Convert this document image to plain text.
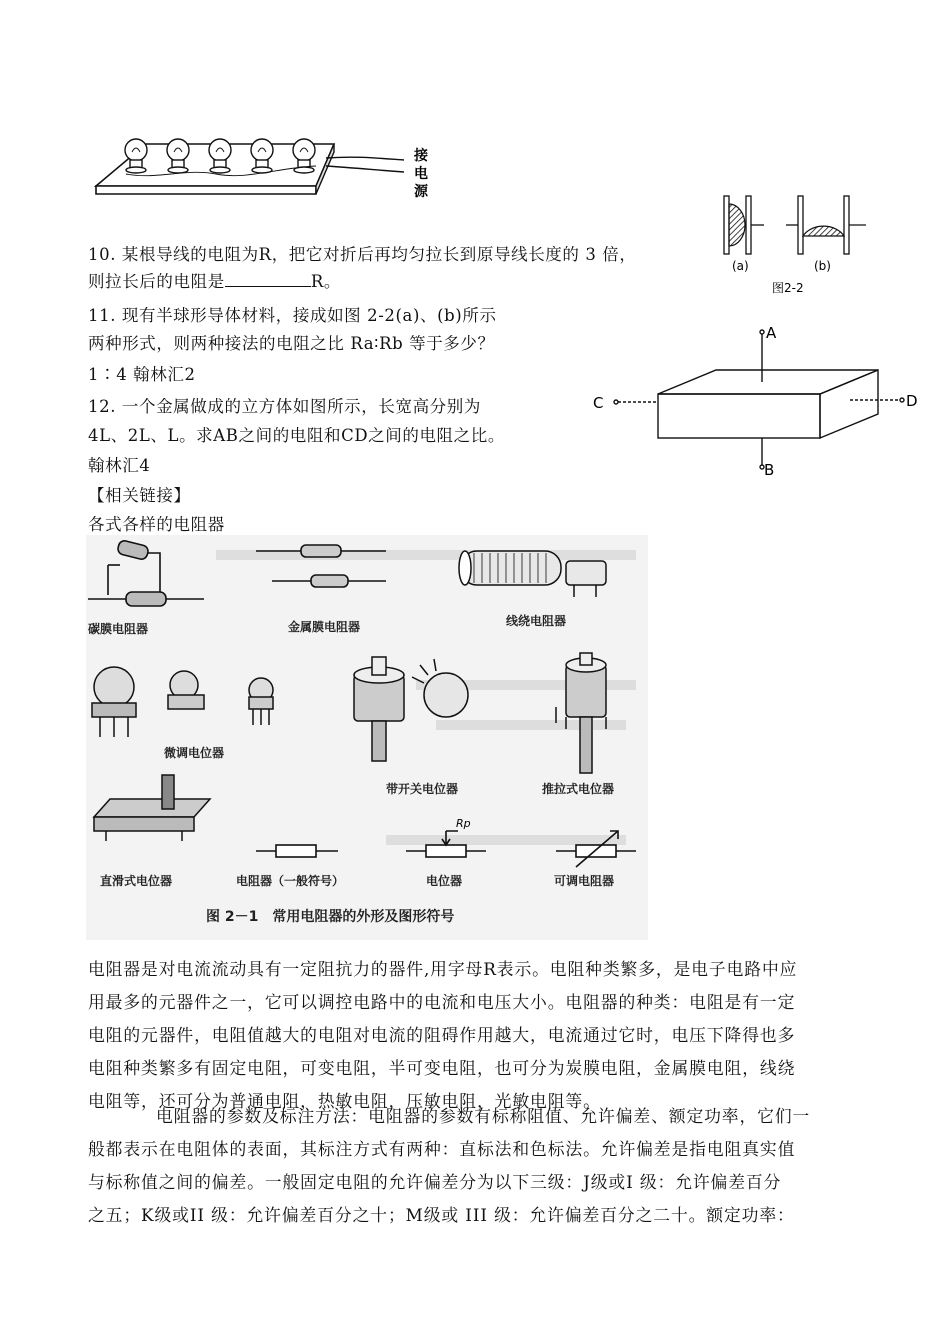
接
电
源
(a)	(b)
图2-2
A
B
C	D
10. 某根导线的电阻为R，把它对折后再均匀拉长到原导线长度的 3 倍，
则拉长后的电阻是	R。
11. 现有半球形导体材料，接成如图 2-2(a)、(b)所示
两种形式，则两种接法的电阻之比 Ra∶Rb 等于多少？
1∶4 翰林汇2
12. 一个金属做成的立方体如图所示，长宽高分别为
4L、2L、L。求AB之间的电阻和CD之间的电阻之比。
翰林汇4
【相关链接】
各式各样的电阻器
Rp
碳膜电阻器	金属膜电阻器	线绕电阻器
微调电位器
带开关电位器	推拉式电位器
直滑式电位器	电阻器（一般符号）	电位器	可调电阻器
图 2－1　常用电阻器的外形及图形符号
电阻器是对电流流动具有一定阻抗力的器件,用字母R表示。电阻种类繁多，是电子电路中应
用最多的元器件之一，它可以调控电路中的电流和电压大小。电阻器的种类：电阻是有一定
电阻的元器件，电阻值越大的电阻对电流的阻碍作用越大，电流通过它时，电压下降得也多
电阻种类繁多有固定电阻，可变电阻，半可变电阻，也可分为炭膜电阻，金属膜电阻，线绕
电阻等，还可分为普通电阻，热敏电阻，压敏电阻，光敏电阻等。
电阻器的参数及标注方法：电阻器的参数有标称阻值、允许偏差、额定功率，它们一
般都表示在电阻体的表面，其标注方式有两种：直标法和色标法。允许偏差是指电阻真实值
与标称值之间的偏差。一般固定电阻的允许偏差分为以下三级：J级或I 级：允许偏差百分
之五；K级或II 级：允许偏差百分之十；M级或 III 级：允许偏差百分之二十。额定功率：
